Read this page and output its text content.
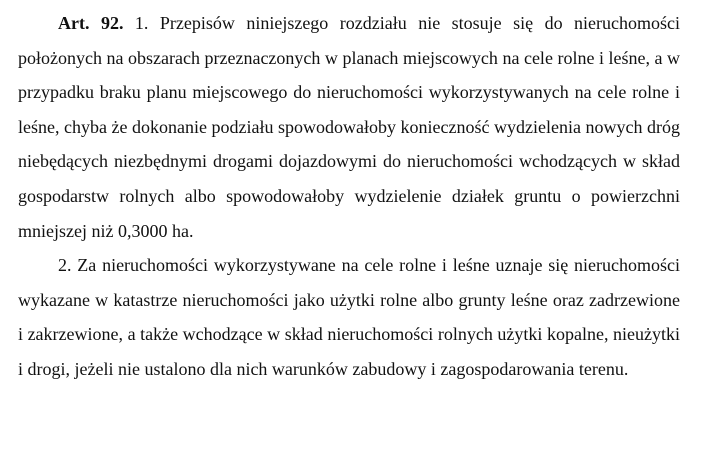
Art. 92. 1. Przepisów niniejszego rozdziału nie stosuje się do nieruchomości położonych na obszarach przeznaczonych w planach miejscowych na cele rolne i leśne, a w przypadku braku planu miejscowego do nieruchomości wykorzystywanych na cele rolne i leśne, chyba że dokonanie podziału spowodowałoby konieczność wydzielenia nowych dróg niebędących niezbędnymi drogami dojazdowymi do nieruchomości wchodzących w skład gospodarstw rolnych albo spowodowałoby wydzielenie działek gruntu o powierzchni mniejszej niż 0,3000 ha.

2. Za nieruchomości wykorzystywane na cele rolne i leśne uznaje się nieruchomości wykazane w katastrze nieruchomości jako użytki rolne albo grunty leśne oraz zadrzewione i zakrzewione, a także wchodzące w skład nieruchomości rolnych użytki kopalne, nieużytki i drogi, jeżeli nie ustalono dla nich warunków zabudowy i zagospodarowania terenu.
